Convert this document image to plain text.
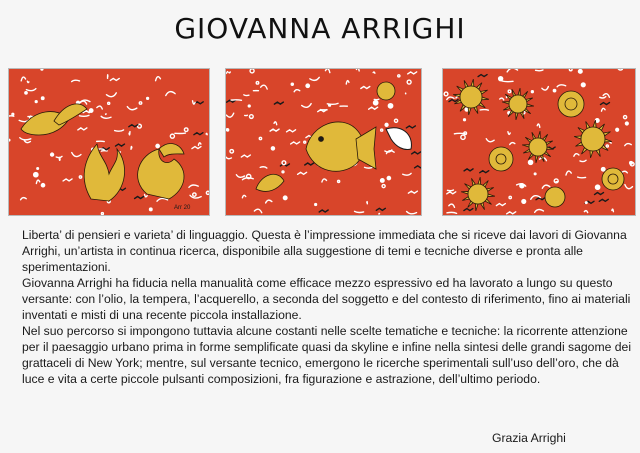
GIOVANNA ARRIGHI
Arr 20

Liberta’ di pensieri e varieta’ di linguaggio. Questa è l’impressione immediata che si riceve dai lavori di Giovanna Arrighi, un’artista in continua ricerca, disponibile alla suggestione di temi e tecniche diverse e pronta alle sperimentazioni.

Giovanna Arrighi ha fiducia nella manualità come efficace mezzo espressivo ed ha lavorato a lungo su questo versante: con l’olio, la tempera, l’acquerello, a seconda del soggetto e del contesto di riferimento, fino ai materiali inventati e misti di una recente piccola installazione.

Nel suo percorso si impongono tuttavia alcune costanti nelle scelte tematiche e tecniche: la ricorrente attenzione per il paesaggio urbano prima in forme semplificate quasi da skyline e infine nella sintesi delle grandi sagome dei grattaceli di New York; mentre, sul versante tecnico, emergono le ricerche sperimentali sull’uso dell’oro, che dà luce e vita a certe piccole pulsanti composizioni, fra figurazione e astrazione, dell’ultimo periodo.

Grazia Arrighi
